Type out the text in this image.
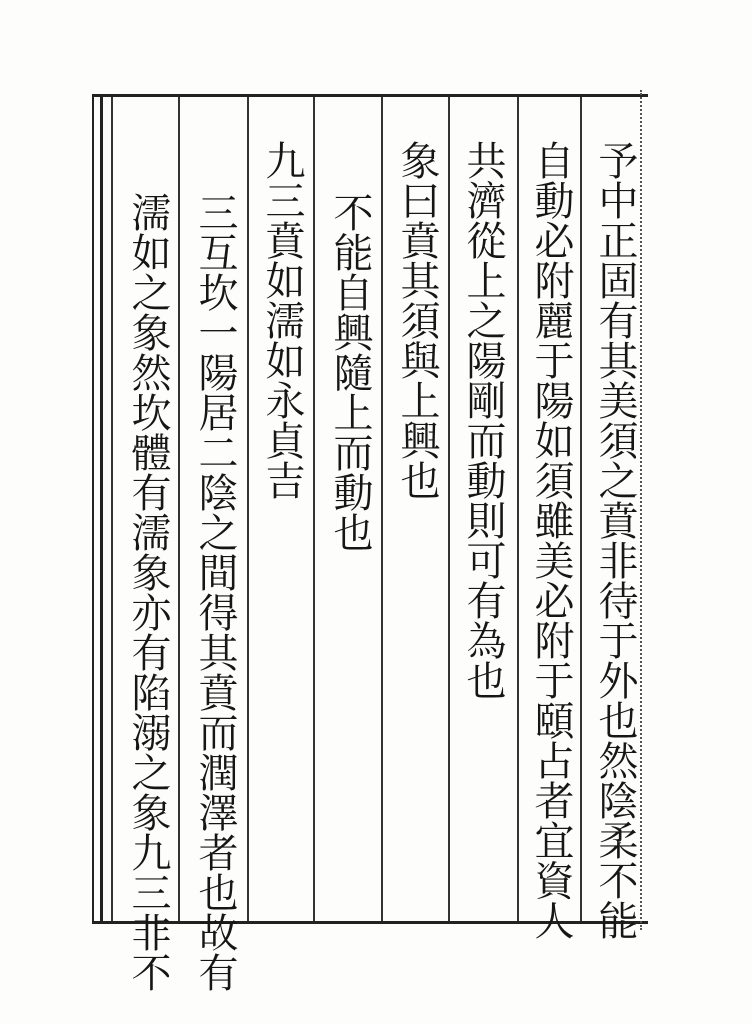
予中正固有其美須之賁非待于外也然陰柔不能
自動必附麗于陽如須雖美必附于頤占者宜資人
共濟從上之陽剛而動則可有為也
象曰賁其須與上興也
不能自興隨上而動也
九三賁如濡如永貞吉
三互坎一陽居二陰之間得其賁而潤澤者也故有
濡如之象然坎體有濡象亦有陷溺之象九三非不
